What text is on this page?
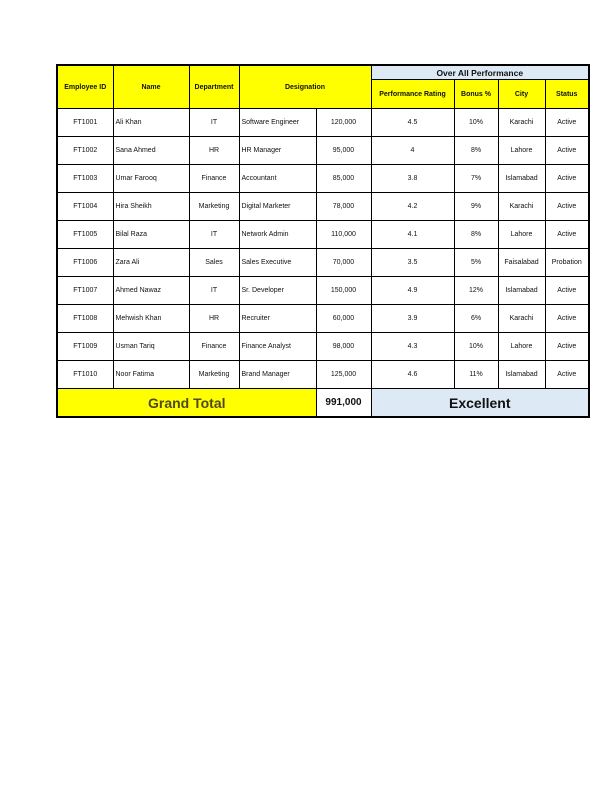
Employee ID	Name	Department	Designation		Over All Performance			
					Performance Rating	Bonus %	City	Status
FT1001	Ali Khan	IT	Software Engineer	120,000	4.5	10%	Karachi	Active
FT1002	Sana Ahmed	HR	HR Manager	95,000	4	8%	Lahore	Active
FT1003	Umar Farooq	Finance	Accountant	85,000	3.8	7%	Islamabad	Active
FT1004	Hira Sheikh	Marketing	Digital Marketer	78,000	4.2	9%	Karachi	Active
FT1005	Bilal Raza	IT	Network Admin	110,000	4.1	8%	Lahore	Active
FT1006	Zara Ali	Sales	Sales Executive	70,000	3.5	5%	Faisalabad	Probation
FT1007	Ahmed Nawaz	IT	Sr. Developer	150,000	4.9	12%	Islamabad	Active
FT1008	Mehwish Khan	HR	Recruiter	60,000	3.9	6%	Karachi	Active
FT1009	Usman Tariq	Finance	Finance Analyst	98,000	4.3	10%	Lahore	Active
FT1010	Noor Fatima	Marketing	Brand Manager	125,000	4.6	11%	Islamabad	Active
Grand Total				991,000	Excellent			
